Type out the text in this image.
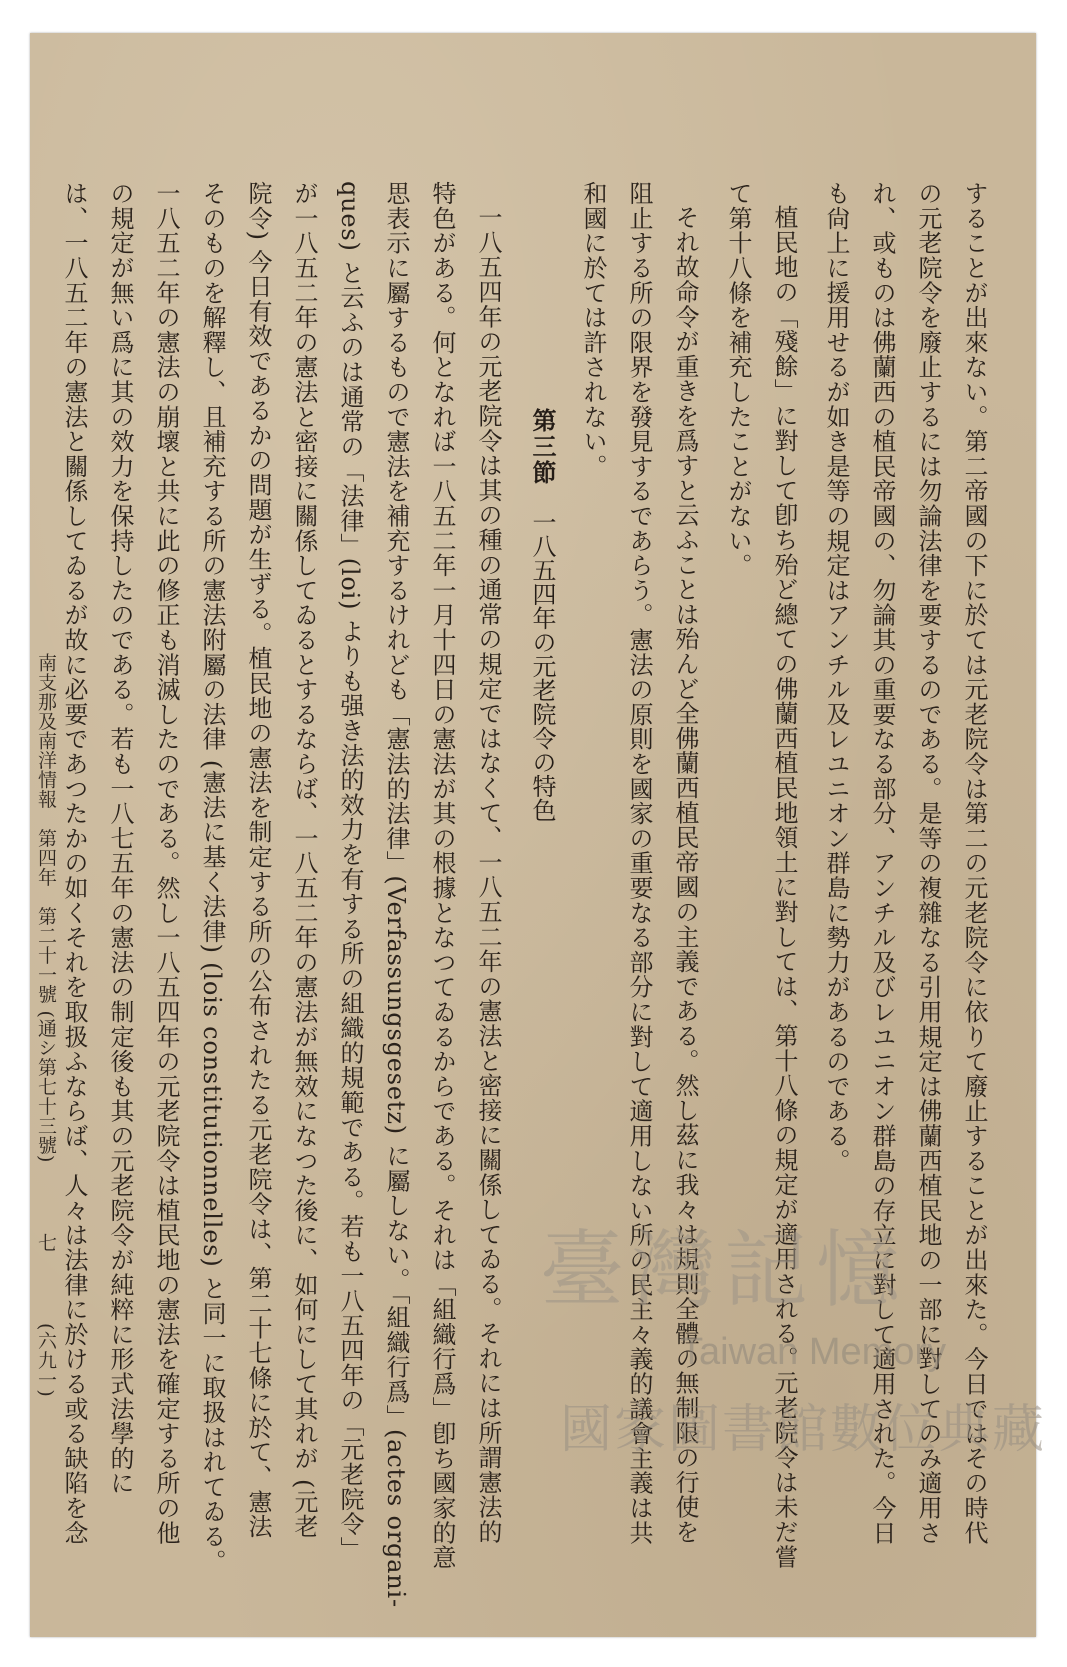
することが出來ない。第二帝國の下に於ては元老院令は第二の元老院令に依りて廢止することが出來た。今日ではその時代
の元老院令を廢止するには勿論法律を要するのである。是等の複雜なる引用規定は佛蘭西植民地の一部に對してのみ適用さ
れ、或ものは佛蘭西の植民帝國の、勿論其の重要なる部分、アンチル及びレユニオン群島の存立に對して適用された。今日
も尙上に援用せるが如き是等の規定はアンチル及レユニオン群島に勢力があるのである。
植民地の「殘餘」に對して卽ち殆ど總ての佛蘭西植民地領土に對しては、第十八條の規定が適用される。元老院令は未だ嘗
て第十八條を補充したことがない。
それ故命令が重きを爲すと云ふことは殆んど全佛蘭西植民帝國の主義である。然し茲に我々は規則全體の無制限の行使を
阻止する所の限界を發見するであらう。憲法の原則を國家の重要なる部分に對して適用しない所の民主々義的議會主義は共
和國に於ては許されない。
第三節一八五四年の元老院令の特色
一八五四年の元老院令は其の種の通常の規定ではなくて、一八五二年の憲法と密接に關係してゐる。それには所謂憲法的
特色がある。何となれば一八五二年一月十四日の憲法が其の根據となつてゐるからである。それは「組織行爲」卽ち國家的意
思表示に屬するもので憲法を補充するけれども「憲法的法律」(Verfassungsgesetz) に屬しない。「組織行爲」(actes organi-
ques) と云ふのは通常の「法律」(loi) よりも强き法的效力を有する所の組織的規範である。若も一八五四年の「元老院令」
が一八五二年の憲法と密接に關係してゐるとするならば、一八五二年の憲法が無效になつた後に、如何にして其れが (元老
院令) 今日有效であるかの問題が生ずる。植民地の憲法を制定する所の公布されたる元老院令は、第二十七條に於て、憲法
そのものを解釋し、且補充する所の憲法附屬の法律 (憲法に基く法律) (lois constitutionnelles) と同一に取扱はれてゐる。
一八五二年の憲法の崩壞と共に此の修正も消滅したのである。然し一八五四年の元老院令は植民地の憲法を確定する所の他
の規定が無い爲に其の效力を保持したのである。若も一八七五年の憲法の制定後も其の元老院令が純粹に形式法學的に
は、一八五二年の憲法と關係してゐるが故に必要であつたかの如くそれを取扱ふならば、人々は法律に於ける或る缺陷を念
南支那及南洋情報　第四年　第二十一號 (通シ第七十三號)
七
(六九一)
臺灣記憶
Taiwan Memory
國家圖書館數位典藏
